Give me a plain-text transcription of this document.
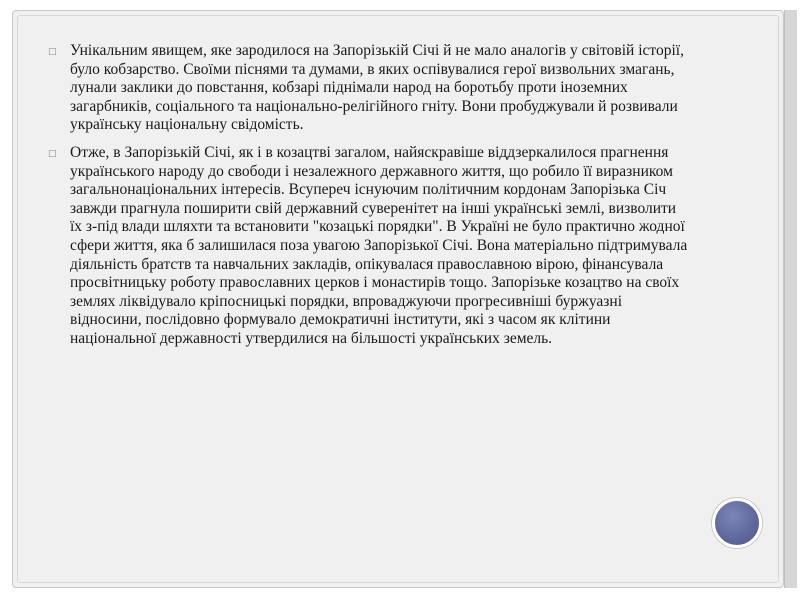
□ Унікальним явищем, яке зародилося на Запорізькій Січі й не мало аналогів у світовій історії, було кобзарство. Своїми піснями та думами, в яких оспівувалися герої визвольних змагань, лунали заклики до повстання, кобзарі піднімали народ на боротьбу проти іноземних загарбників, соціального та національно-релігійного гніту. Вони пробуджували й розвивали українську національну свідомість.

□ Отже, в Запорізькій Січі, як і в козацтві загалом, найяскравіше віддзеркалилося прагнення українського народу до свободи і незалежного державного життя, що робило її виразником загальнонаціональних інтересів. Всупереч існуючим політичним кордонам Запорізька Січ завжди прагнула поширити свій державний суверенітет на інші українські землі, визволити їх з-під влади шляхти та встановити "козацькі порядки". В Україні не було практично жодної сфери життя, яка б залишилася поза увагою Запорізької Січі. Вона матеріально підтримувала діяльність братств та навчальних закладів, опікувалася православною вірою, фінансувала просвітницьку роботу православних церков і монастирів тощо. Запорізьке козацтво на своїх землях ліквідувало кріпосницькі порядки, впроваджуючи прогресивніші буржуазні відносини, послідовно формувало демократичні інститути, які з часом як клітини національної державності утвердилися на більшості українських земель.
